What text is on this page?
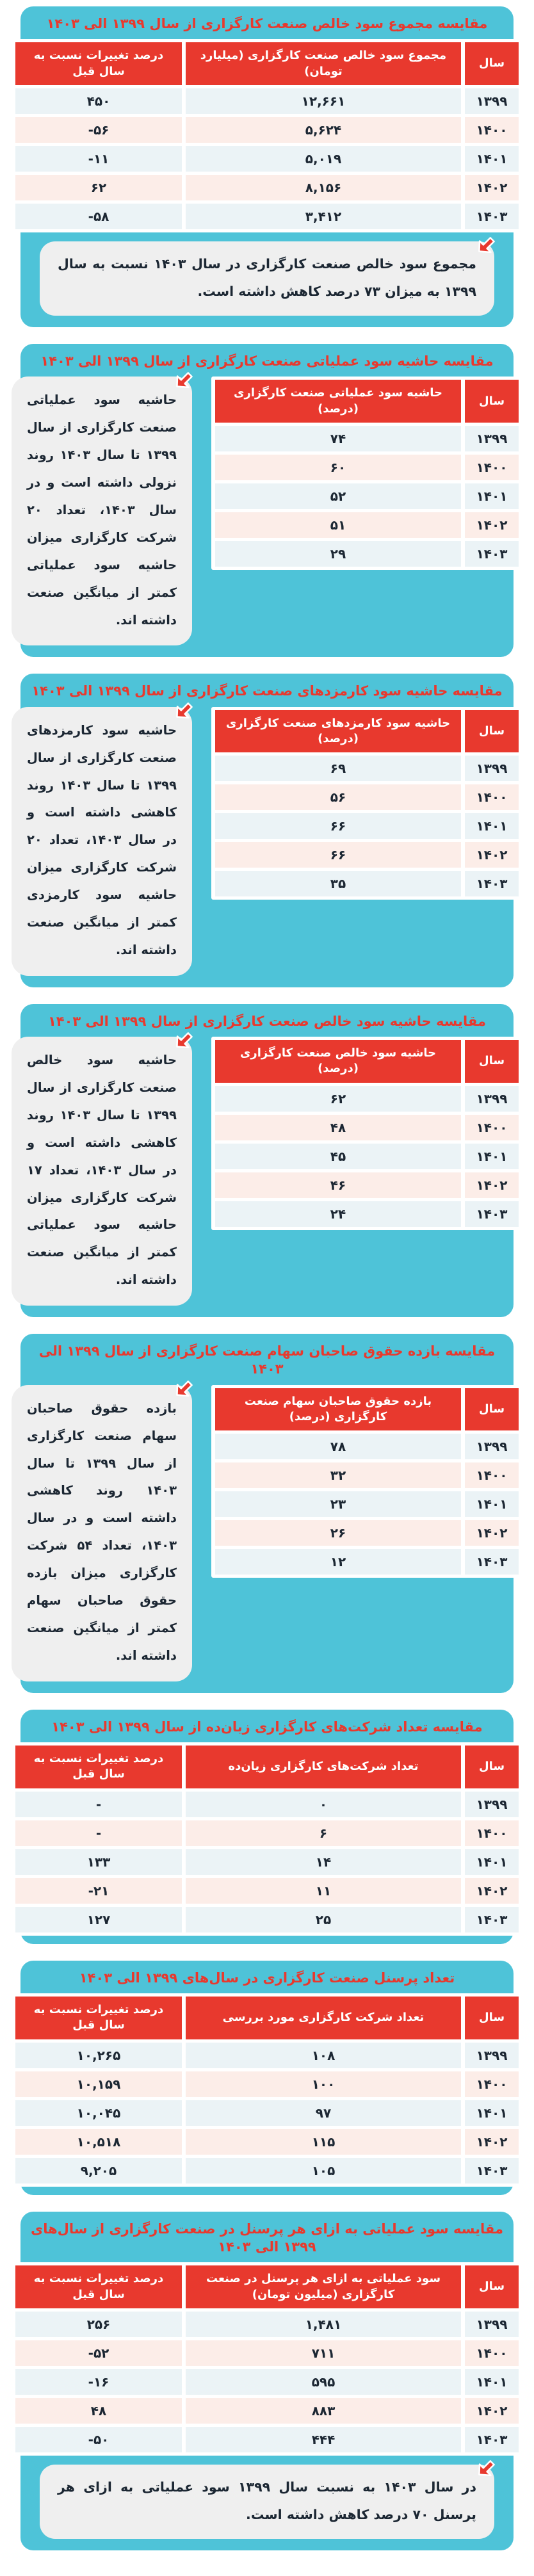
مقایسه مجموع سود خالص صنعت کارگزاری از سال ۱۳۹۹ الی ۱۴۰۳
سال	مجموع سود خالص صنعت کارگزاری (میلیارد تومان)	درصد تغییرات نسبت به سال قبل
۱۳۹۹	۱۲,۶۶۱	۴۵۰
۱۴۰۰	۵,۶۲۴	-۵۶
۱۴۰۱	۵,۰۱۹	-۱۱
۱۴۰۲	۸,۱۵۶	۶۲
۱۴۰۳	۳,۴۱۲	-۵۸

مجموع سود خالص صنعت کارگزاری در سال ۱۴۰۳ نسبت به سال ۱۳۹۹ به میزان ۷۳ درصد کاهش داشته است.

مقایسه حاشیه سود عملیاتی صنعت کارگزاری از سال ۱۳۹۹ الی ۱۴۰۳
سال	حاشیه سود عملیاتی صنعت کارگزاری (درصد)
۱۳۹۹	۷۴
۱۴۰۰	۶۰
۱۴۰۱	۵۲
۱۴۰۲	۵۱
۱۴۰۳	۲۹

حاشیه سود عملیاتی صنعت کارگزاری از سال ۱۳۹۹ تا سال ۱۴۰۳ روند نزولی داشته است و در سال ۱۴۰۳، تعداد ۲۰ شرکت کارگزاری میزان حاشیه سود عملیاتی کمتر از میانگین صنعت داشته اند.

مقایسه حاشیه سود کارمزدهای صنعت کارگزاری از سال ۱۳۹۹ الی ۱۴۰۳
سال	حاشیه سود کارمزدهای صنعت کارگزاری (درصد)
۱۳۹۹	۶۹
۱۴۰۰	۵۶
۱۴۰۱	۶۶
۱۴۰۲	۶۶
۱۴۰۳	۳۵

حاشیه سود کارمزدهای صنعت کارگزاری از سال ۱۳۹۹ تا سال ۱۴۰۳ روند کاهشی داشته است و در سال ۱۴۰۳، تعداد ۲۰ شرکت کارگزاری میزان حاشیه سود کارمزدی کمتر از میانگین صنعت داشته اند.

مقایسه حاشیه سود خالص صنعت کارگزاری از سال ۱۳۹۹ الی ۱۴۰۳
سال	حاشیه سود خالص صنعت کارگزاری (درصد)
۱۳۹۹	۶۲
۱۴۰۰	۴۸
۱۴۰۱	۴۵
۱۴۰۲	۴۶
۱۴۰۳	۲۴

حاشیه سود خالص صنعت کارگزاری از سال ۱۳۹۹ تا سال ۱۴۰۳ روند کاهشی داشته است و در سال ۱۴۰۳، تعداد ۱۷ شرکت کارگزاری میزان حاشیه سود عملیاتی کمتر از میانگین صنعت داشته اند.

مقایسه بازده حقوق صاحبان سهام صنعت کارگزاری از سال ۱۳۹۹ الی ۱۴۰۳
سال	بازده حقوق صاحبان سهام صنعت کارگزاری (درصد)
۱۳۹۹	۷۸
۱۴۰۰	۳۲
۱۴۰۱	۲۳
۱۴۰۲	۲۶
۱۴۰۳	۱۲

بازده حقوق صاحبان سهام صنعت کارگزاری از سال ۱۳۹۹ تا سال ۱۴۰۳ روند کاهشی داشته است و در سال ۱۴۰۳، تعداد ۵۴ شرکت کارگزاری میزان بازده حقوق صاحبان سهام کمتر از میانگین صنعت داشته اند.

مقایسه تعداد شرکت‌های کارگزاری زیان‌ده از سال ۱۳۹۹ الی ۱۴۰۳
سال	تعداد شرکت‌های کارگزاری زیان‌ده	درصد تغییرات نسبت به سال قبل
۱۳۹۹	۰	-
۱۴۰۰	۶	-
۱۴۰۱	۱۴	۱۳۳
۱۴۰۲	۱۱	-۲۱
۱۴۰۳	۲۵	۱۲۷
تعداد پرسنل صنعت کارگزاری در سال‌های ۱۳۹۹ الی ۱۴۰۳
سال	تعداد شرکت کارگزاری مورد بررسی	درصد تغییرات نسبت به سال قبل
۱۳۹۹	۱۰۸	۱۰,۲۶۵
۱۴۰۰	۱۰۰	۱۰,۱۵۹
۱۴۰۱	۹۷	۱۰,۰۴۵
۱۴۰۲	۱۱۵	۱۰,۵۱۸
۱۴۰۳	۱۰۵	۹,۲۰۵
مقایسه سود عملیاتی به ازای هر پرسنل در صنعت کارگزاری از سال‌های ۱۳۹۹ الی ۱۴۰۳
سال	سود عملیاتی به ازای هر پرسنل در صنعت کارگزاری (میلیون تومان)	درصد تغییرات نسبت به سال قبل
۱۳۹۹	۱,۴۸۱	۲۵۶
۱۴۰۰	۷۱۱	-۵۲
۱۴۰۱	۵۹۵	-۱۶
۱۴۰۲	۸۸۳	۴۸
۱۴۰۳	۴۴۴	-۵۰

در سال ۱۴۰۳ به نسبت سال ۱۳۹۹ سود عملیاتی به ازای هر پرسنل ۷۰ درصد کاهش داشته است.
